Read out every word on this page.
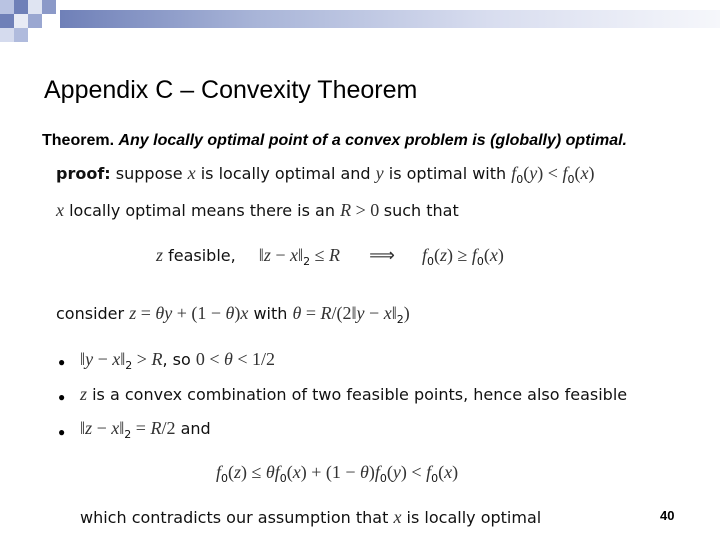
Appendix C – Convexity Theorem
Theorem. Any locally optimal point of a convex problem is (globally) optimal.
proof: suppose x is locally optimal and y is optimal with $f_0(y) < f_0(x)$
x locally optimal means there is an R > 0 such that
z feasible, ‖z − $x‖_2 \le R$ ⟹ $f_0(z) \ge f_0(x)$
consider z = θy + (1 − θ)x with θ = R/(2‖y − $x‖_2$)
● ‖y − $x‖_2 > R$, so 0 < θ < 1/2
● z is a convex combination of two feasible points, hence also feasible
● ‖z − $x‖_2 = R/2$ and
$f_0(z) \le \theta f_0(x) + (1 - \theta)f_0(y) < f_0(x)$
which contradicts our assumption that x is locally optimal	40
